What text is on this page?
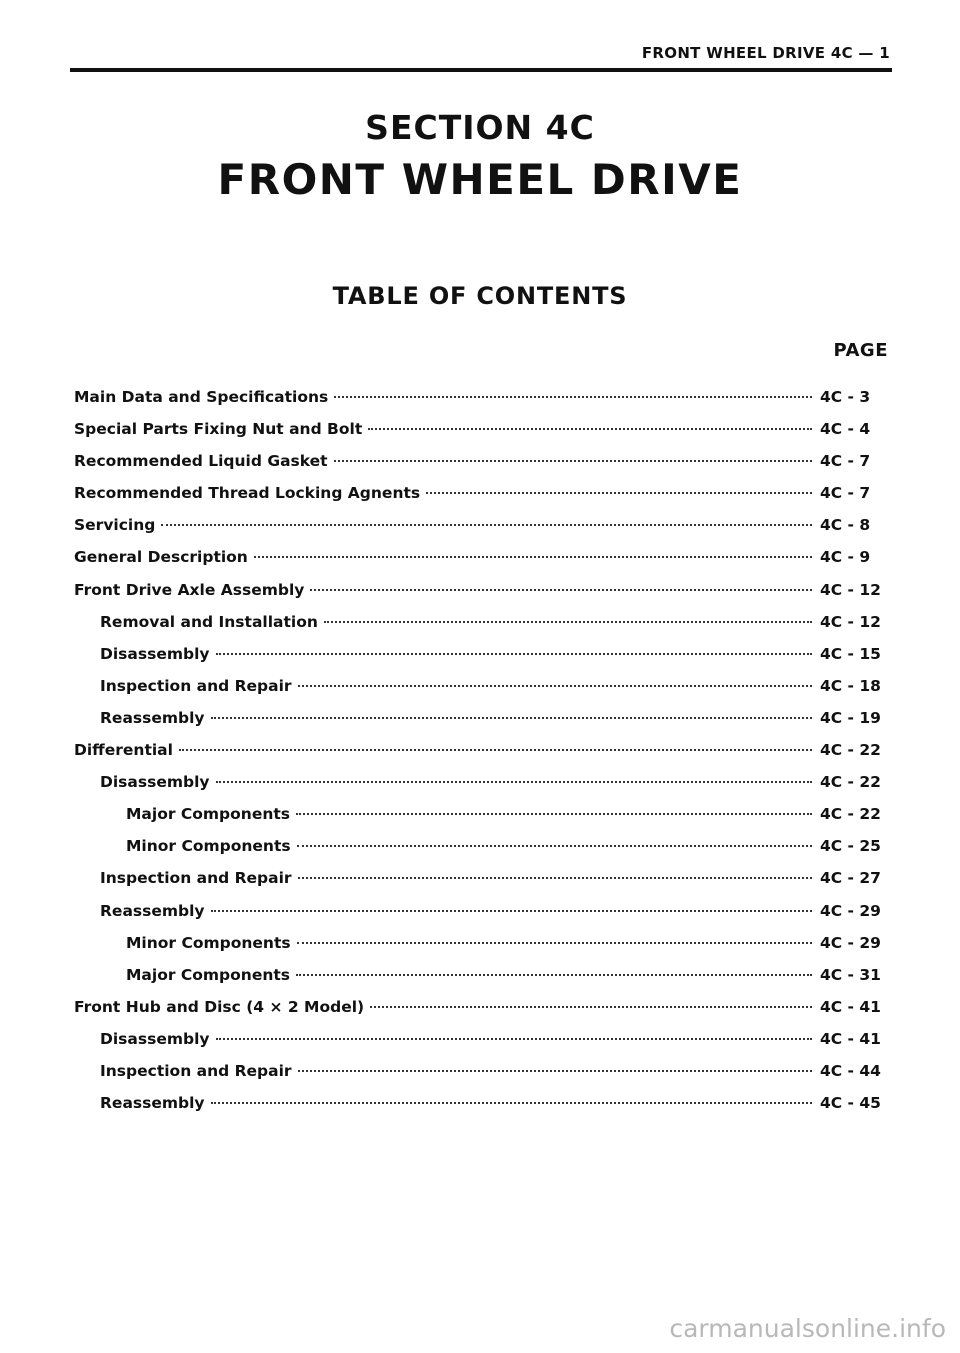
FRONT WHEEL DRIVE 4C — 1
SECTION 4C
FRONT WHEEL DRIVE
TABLE OF CONTENTS
PAGE
Main Data and Specifications	4C - 3
Special Parts Fixing Nut and Bolt	4C - 4
Recommended Liquid Gasket	4C - 7
Recommended Thread Locking Agnents	4C - 7
Servicing	4C - 8
General Description	4C - 9
Front Drive Axle Assembly	4C - 12
Removal and Installation	4C - 12
Disassembly	4C - 15
Inspection and Repair	4C - 18
Reassembly	4C - 19
Differential	4C - 22
Disassembly	4C - 22
Major Components	4C - 22
Minor Components	4C - 25
Inspection and Repair	4C - 27
Reassembly	4C - 29
Minor Components	4C - 29
Major Components	4C - 31
Front Hub and Disc (4 × 2 Model)	4C - 41
Disassembly	4C - 41
Inspection and Repair	4C - 44
Reassembly	4C - 45
carmanualsonline.info
